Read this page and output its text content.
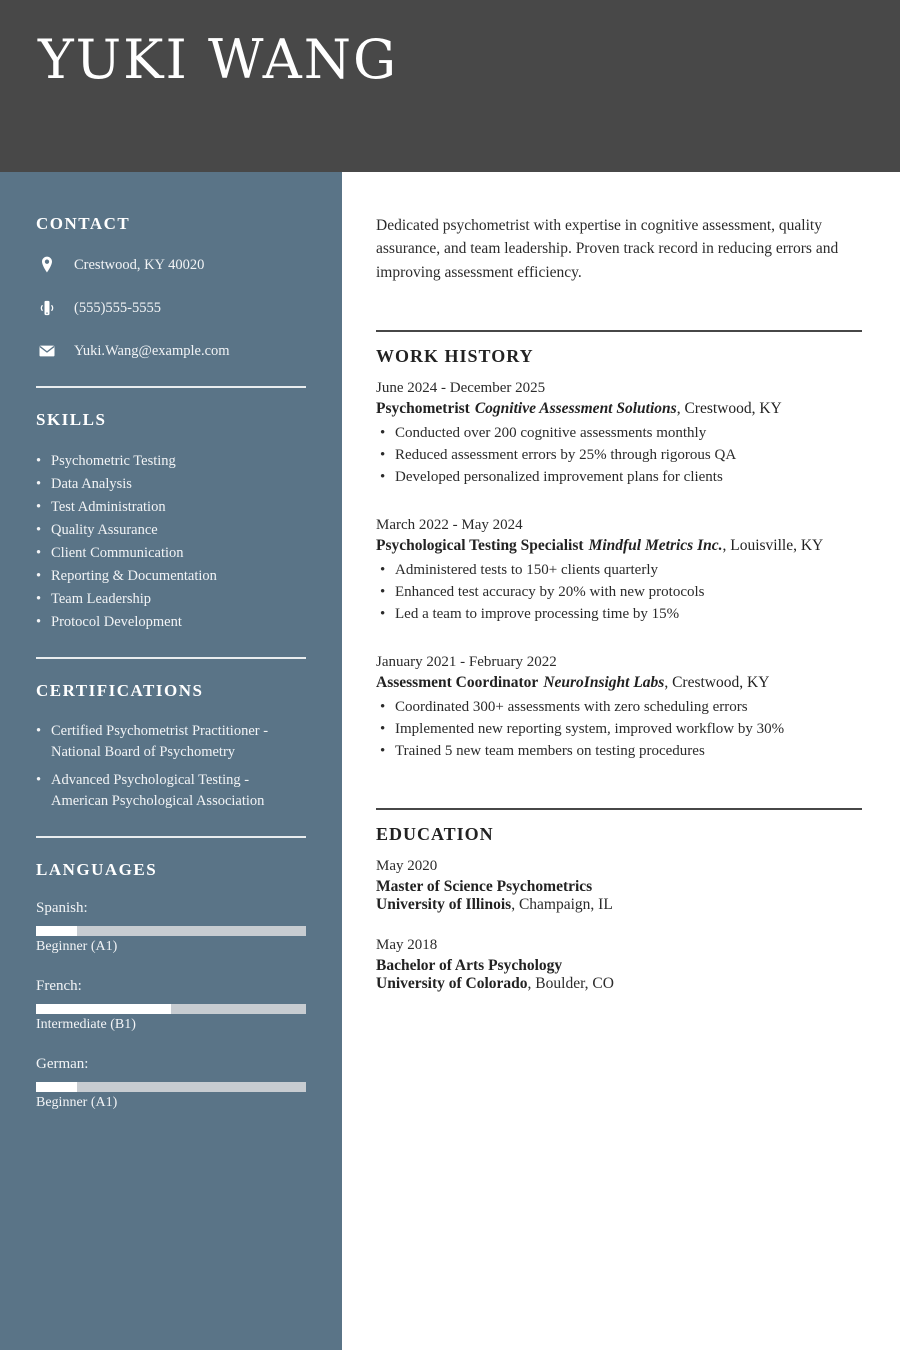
YUKI WANG
CONTACT
Crestwood, KY 40020
(555)555-5555
Yuki.Wang@example.com
SKILLS
• Psychometric Testing
• Data Analysis
• Test Administration
• Quality Assurance
• Client Communication
• Reporting & Documentation
• Team Leadership
• Protocol Development
CERTIFICATIONS
• Certified Psychometrist Practitioner - National Board of Psychometry
• Advanced Psychological Testing - American Psychological Association
LANGUAGES
Spanish:
Beginner (A1)
French:
Intermediate (B1)
German:
Beginner (A1)

Dedicated psychometrist with expertise in cognitive assessment, quality assurance, and team leadership. Proven track record in reducing errors and improving assessment efficiency.

WORK HISTORY
June 2024 - December 2025
Psychometrist Cognitive Assessment Solutions, Crestwood, KY
• Conducted over 200 cognitive assessments monthly
• Reduced assessment errors by 25% through rigorous QA
• Developed personalized improvement plans for clients
March 2022 - May 2024
Psychological Testing Specialist Mindful Metrics Inc., Louisville, KY
• Administered tests to 150+ clients quarterly
• Enhanced test accuracy by 20% with new protocols
• Led a team to improve processing time by 15%
January 2021 - February 2022
Assessment Coordinator NeuroInsight Labs, Crestwood, KY
• Coordinated 300+ assessments with zero scheduling errors
• Implemented new reporting system, improved workflow by 30%
• Trained 5 new team members on testing procedures
EDUCATION
May 2020
Master of Science Psychometrics
University of Illinois, Champaign, IL
May 2018
Bachelor of Arts Psychology
University of Colorado, Boulder, CO
